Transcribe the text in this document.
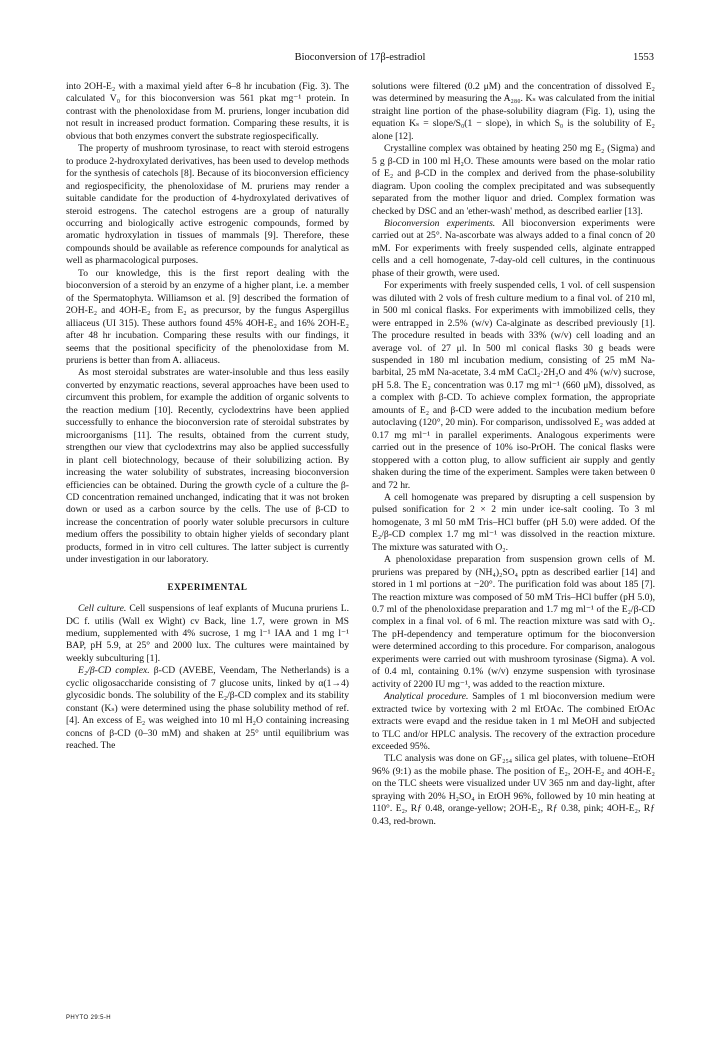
Bioconversion of 17β-estradiol	1553

into 2OH-E₂ with a maximal yield after 6–8 hr incubation (Fig. 3). The calculated V₀ for this bioconversion was 561 pkat mg⁻¹ protein. In contrast with the phenoloxidase from M. pruriens, longer incubation did not result in increased product formation. Comparing these results, it is obvious that both enzymes convert the substrate regiospecifically.

The property of mushroom tyrosinase, to react with steroid estrogens to produce 2-hydroxylated derivatives, has been used to develop methods for the synthesis of catechols [8]. Because of its bioconversion efficiency and regiospecificity, the phenoloxidase of M. pruriens may render a suitable candidate for the production of 4-hydroxylated derivatives of steroid estrogens. The catechol estrogens are a group of naturally occurring and biologically active estrogenic compounds, formed by aromatic hydroxylation in tissues of mammals [9]. Therefore, these compounds should be available as reference compounds for analytical as well as pharmacological purposes.

To our knowledge, this is the first report dealing with the bioconversion of a steroid by an enzyme of a higher plant, i.e. a member of the Spermatophyta. Williamson et al. [9] described the formation of 2OH-E₂ and 4OH-E₂ from E₂ as precursor, by the fungus Aspergillus alliaceus (UI 315). These authors found 45% 4OH-E₂ and 16% 2OH-E₂ after 48 hr incubation. Comparing these results with our findings, it seems that the positional specificity of the phenoloxidase from M. pruriens is better than from A. alliaceus.

As most steroidal substrates are water-insoluble and thus less easily converted by enzymatic reactions, several approaches have been used to circumvent this problem, for example the addition of organic solvents to the reaction medium [10]. Recently, cyclodextrins have been applied successfully to enhance the bioconversion rate of steroidal substrates by microorganisms [11]. The results, obtained from the current study, strengthen our view that cyclodextrins may also be applied successfully in plant cell biotechnology, because of their solubilizing action. By increasing the water solubility of substrates, increasing bioconversion efficiencies can be obtained. During the growth cycle of a culture the β-CD concentration remained unchanged, indicating that it was not broken down or used as a carbon source by the cells. The use of β-CD to increase the concentration of poorly water soluble precursors in culture medium offers the possibility to obtain higher yields of secondary plant products, formed in in vitro cell cultures. The latter subject is currently under investigation in our laboratory.

EXPERIMENTAL

Cell culture. Cell suspensions of leaf explants of Mucuna pruriens L. DC f. utilis (Wall ex Wight) cv Back, line 1.7, were grown in MS medium, supplemented with 4% sucrose, 1 mg l⁻¹ IAA and 1 mg l⁻¹ BAP, pH 5.9, at 25° and 2000 lux. The cultures were maintained by weekly subculturing [1].

E₂/β-CD complex. β-CD (AVEBE, Veendam, The Netherlands) is a cyclic oligosaccharide consisting of 7 glucose units, linked by α(1→4) glycosidic bonds. The solubility of the E₂/β-CD complex and its stability constant (Kₛ) were determined using the phase solubility method of ref. [4]. An excess of E₂ was weighed into 10 ml H₂O containing increasing concns of β-CD (0–30 mM) and shaken at 25° until equilibrium was reached. The

solutions were filtered (0.2 μM) and the concentration of dissolved E₂ was determined by measuring the A₂₈₀. Kₛ was calculated from the initial straight line portion of the phase-solubility diagram (Fig. 1), using the equation Kₛ = slope/S₀(1 − slope), in which S₀ is the solubility of E₂ alone [12].

Crystalline complex was obtained by heating 250 mg E₂ (Sigma) and 5 g β-CD in 100 ml H₂O. These amounts were based on the molar ratio of E₂ and β-CD in the complex and derived from the phase-solubility diagram. Upon cooling the complex precipitated and was subsequently separated from the mother liquor and dried. Complex formation was checked by DSC and an 'ether-wash' method, as described earlier [13].

Bioconversion experiments. All bioconversion experiments were carried out at 25°. Na-ascorbate was always added to a final concn of 20 mM. For experiments with freely suspended cells, alginate entrapped cells and a cell homogenate, 7-day-old cell cultures, in the continuous phase of their growth, were used.

For experiments with freely suspended cells, 1 vol. of cell suspension was diluted with 2 vols of fresh culture medium to a final vol. of 210 ml, in 500 ml conical flasks. For experiments with immobilized cells, they were entrapped in 2.5% (w/v) Ca-alginate as described previously [1]. The procedure resulted in beads with 33% (w/v) cell loading and an average vol. of 27 μl. In 500 ml conical flasks 30 g beads were suspended in 180 ml incubation medium, consisting of 25 mM Na-barbital, 25 mM Na-acetate, 3.4 mM CaCl₂·2H₂O and 4% (w/v) sucrose, pH 5.8. The E₂ concentration was 0.17 mg ml⁻¹ (660 μM), dissolved, as a complex with β-CD. To achieve complex formation, the appropriate amounts of E₂ and β-CD were added to the incubation medium before autoclaving (120°, 20 min). For comparison, undissolved E₂ was added at 0.17 mg ml⁻¹ in parallel experiments. Analogous experiments were carried out in the presence of 10% iso-PrOH. The conical flasks were stoppered with a cotton plug, to allow sufficient air supply and gently shaken during the time of the experiment. Samples were taken between 0 and 72 hr.

A cell homogenate was prepared by disrupting a cell suspension by pulsed sonification for 2 × 2 min under ice-salt cooling. To 3 ml homogenate, 3 ml 50 mM Tris–HCl buffer (pH 5.0) were added. Of the E₂/β-CD complex 1.7 mg ml⁻¹ was dissolved in the reaction mixture. The mixture was saturated with O₂.

A phenoloxidase preparation from suspension grown cells of M. pruriens was prepared by (NH₄)₂SO₄ pptn as described earlier [14] and stored in 1 ml portions at −20°. The purification fold was about 185 [7]. The reaction mixture was composed of 50 mM Tris–HCl buffer (pH 5.0), 0.7 ml of the phenoloxidase preparation and 1.7 mg ml⁻¹ of the E₂/β-CD complex in a final vol. of 6 ml. The reaction mixture was satd with O₂. The pH-dependency and temperature optimum for the bioconversion were determined according to this procedure. For comparison, analogous experiments were carried out with mushroom tyrosinase (Sigma). A vol. of 0.4 ml, containing 0.1% (w/v) enzyme suspension with tyrosinase activity of 2200 IU mg⁻¹, was added to the reaction mixture.

Analytical procedure. Samples of 1 ml bioconversion medium were extracted twice by vortexing with 2 ml EtOAc. The combined EtOAc extracts were evapd and the residue taken in 1 ml MeOH and subjected to TLC and/or HPLC analysis. The recovery of the extraction procedure exceeded 95%.

TLC analysis was done on GF₂₅₄ silica gel plates, with toluene–EtOH 96% (9:1) as the mobile phase. The position of E₂, 2OH-E₂ and 4OH-E₂ on the TLC sheets were visualized under UV 365 nm and day-light, after spraying with 20% H₂SO₄ in EtOH 96%, followed by 10 min heating at 110°. E₂, Rƒ 0.48, orange-yellow; 2OH-E₂, Rƒ 0.38, pink; 4OH-E₂, Rƒ 0.43, red-brown.

PHYTO 29:5-H
